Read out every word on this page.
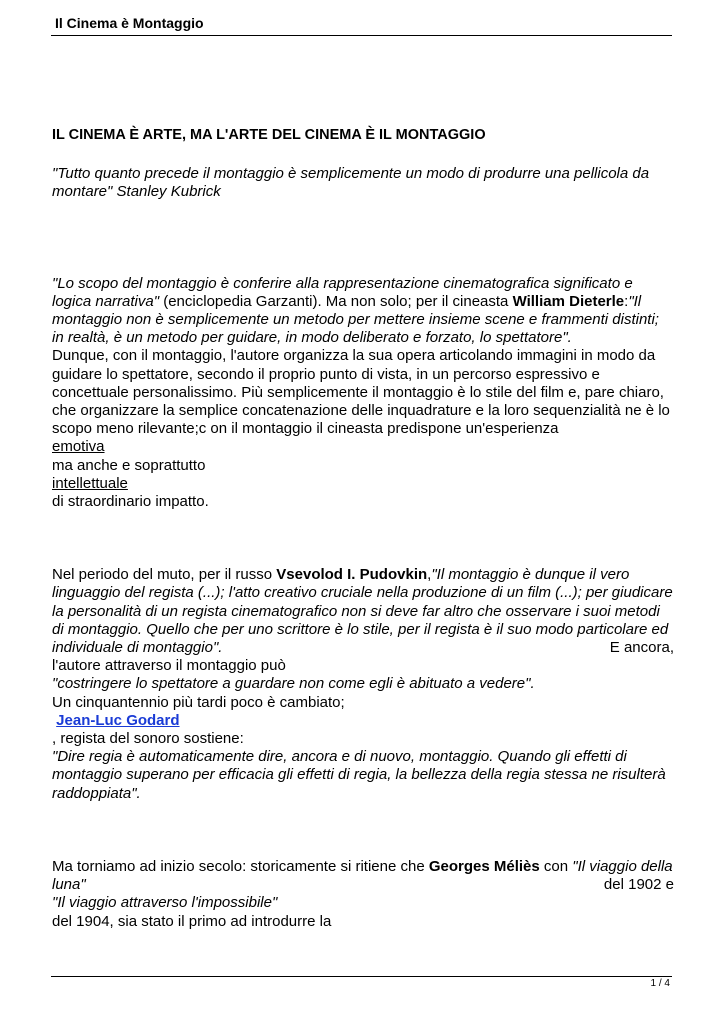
Il Cinema è Montaggio

IL CINEMA È ARTE, MA L'ARTE DEL CINEMA È IL MONTAGGIO

"Tutto quanto precede il montaggio è semplicemente un modo di produrre una pellicola da montare" Stanley Kubrick

"Lo scopo del montaggio è conferire alla rappresentazione cinematografica significato e logica narrativa" (enciclopedia Garzanti). Ma non solo; per il cineasta William Dieterle:"Il montaggio non è semplicemente un metodo per mettere insieme scene e frammenti distinti; in realtà, è un metodo per guidare, in modo deliberato e forzato, lo spettatore".

Dunque, con il montaggio, l'autore organizza la sua opera articolando immagini in modo da guidare lo spettatore, secondo il proprio punto di vista, in un percorso espressivo e concettuale personalissimo. Più semplicemente il montaggio è lo stile del film e, pare chiaro, che organizzare la semplice concatenazione delle inquadrature e la loro sequenzialità ne è lo scopo meno rilevante;c on il montaggio il cineasta predispone un'esperienza

emotiva

ma anche e soprattutto

intellettuale

di straordinario impatto.

Nel periodo del muto, per il russo Vsevolod I. Pudovkin,"Il montaggio è dunque il vero linguaggio del regista (...); l'atto creativo cruciale nella produzione di un film (...); per giudicare la personalità di un regista cinematografico non si deve far altro che osservare i suoi metodi di montaggio. Quello che per uno scrittore è lo stile, per il regista è il suo modo particolare ed individuale di montaggio".	E ancora,

l'autore attraverso il montaggio può

"costringere lo spettatore a guardare non come egli è abituato a vedere".

Un cinquantennio più tardi poco è cambiato;

Jean-Luc Godard

, regista del sonoro sostiene:

"Dire regia è automaticamente dire, ancora e di nuovo, montaggio. Quando gli effetti di montaggio superano per efficacia gli effetti di regia, la bellezza della regia stessa ne risulterà raddoppiata".

Ma torniamo ad inizio secolo: storicamente si ritiene che Georges Méliès con "Il viaggio della luna"	del 1902 e

"Il viaggio attraverso l'impossibile"

del 1904, sia stato il primo ad introdurre la

1 / 4
